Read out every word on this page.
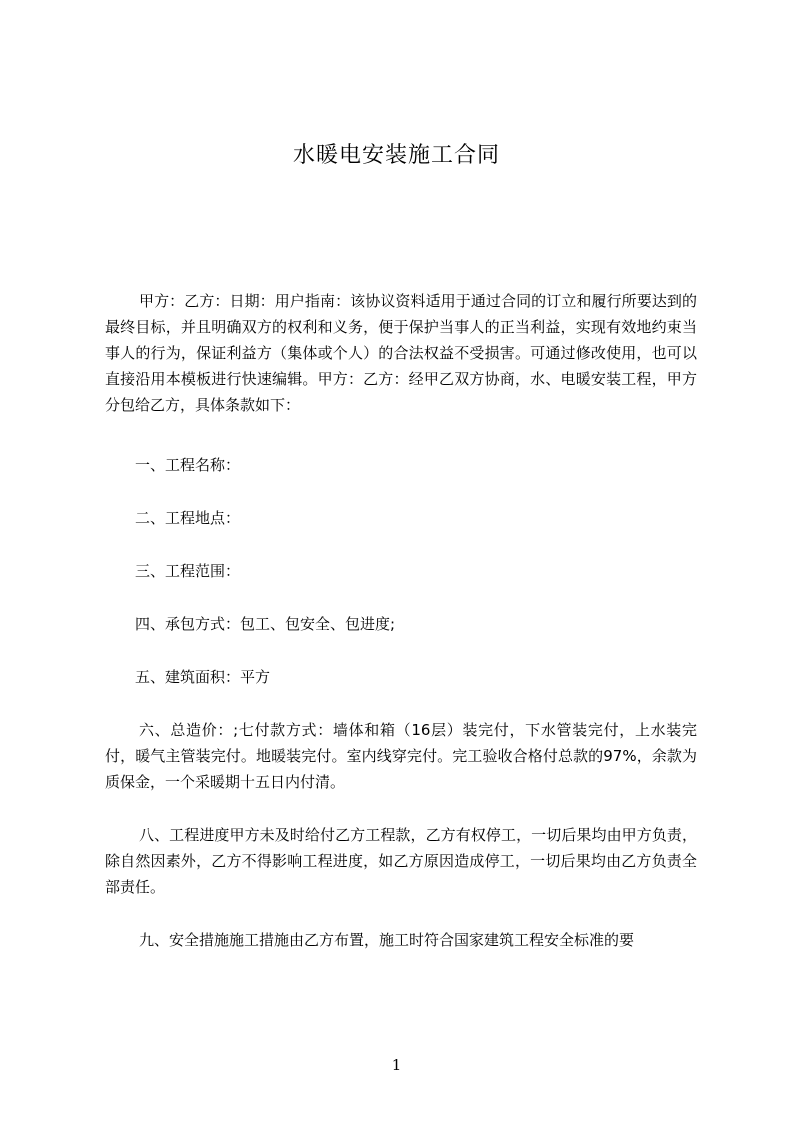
水暖电安装施工合同

甲方：乙方：日期：用户指南：该协议资料适用于通过合同的订立和履行所要达到的最终目标，并且明确双方的权利和义务，便于保护当事人的正当利益，实现有效地约束当事人的行为，保证利益方（集体或个人）的合法权益不受损害。可通过修改使用，也可以直接沿用本模板进行快速编辑。甲方：乙方：经甲乙双方协商，水、电暖安装工程，甲方分包给乙方，具体条款如下：

一、工程名称：

二、工程地点：

三、工程范围：

四、承包方式：包工、包安全、包进度;

五、建筑面积：平方

六、总造价：;七付款方式：墙体和箱（16层）装完付，下水管装完付，上水装完付，暖气主管装完付。地暖装完付。室内线穿完付。完工验收合格付总款的97%，余款为质保金，一个采暖期十五日内付清。

八、工程进度甲方未及时给付乙方工程款，乙方有权停工，一切后果均由甲方负责，除自然因素外，乙方不得影响工程进度，如乙方原因造成停工，一切后果均由乙方负责全部责任。

九、安全措施施工措施由乙方布置，施工时符合国家建筑工程安全标准的要

1
